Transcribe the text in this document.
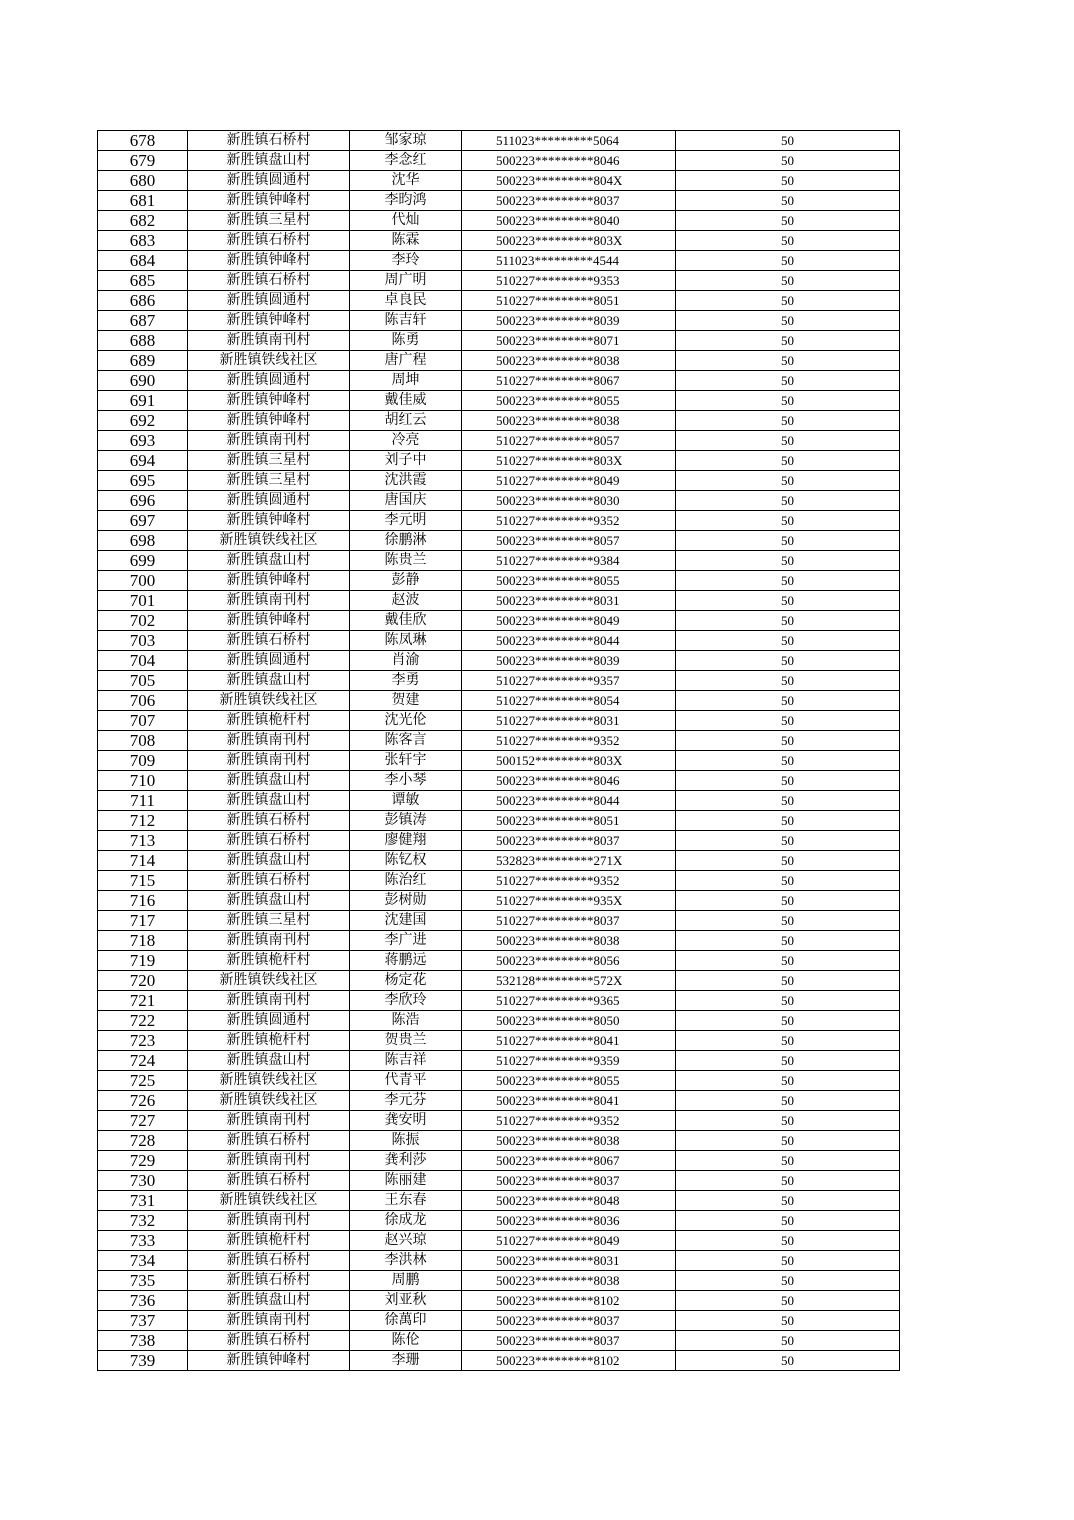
678	新胜镇石桥村	邹家琼	511023*********5064	50
679	新胜镇盘山村	李念红	500223*********8046	50
680	新胜镇圆通村	沈华	500223*********804X	50
681	新胜镇钟峰村	李昀鸿	500223*********8037	50
682	新胜镇三星村	代灿	500223*********8040	50
683	新胜镇石桥村	陈霖	500223*********803X	50
684	新胜镇钟峰村	李玲	511023*********4544	50
685	新胜镇石桥村	周广明	510227*********9353	50
686	新胜镇圆通村	卓良民	510227*********8051	50
687	新胜镇钟峰村	陈吉轩	500223*********8039	50
688	新胜镇南刊村	陈勇	500223*********8071	50
689	新胜镇铁线社区	唐广程	500223*********8038	50
690	新胜镇圆通村	周坤	510227*********8067	50
691	新胜镇钟峰村	戴佳威	500223*********8055	50
692	新胜镇钟峰村	胡红云	500223*********8038	50
693	新胜镇南刊村	冷亮	510227*********8057	50
694	新胜镇三星村	刘子中	510227*********803X	50
695	新胜镇三星村	沈洪霞	510227*********8049	50
696	新胜镇圆通村	唐国庆	500223*********8030	50
697	新胜镇钟峰村	李元明	510227*********9352	50
698	新胜镇铁线社区	徐鹏淋	500223*********8057	50
699	新胜镇盘山村	陈贵兰	510227*********9384	50
700	新胜镇钟峰村	彭静	500223*********8055	50
701	新胜镇南刊村	赵波	500223*********8031	50
702	新胜镇钟峰村	戴佳欣	500223*********8049	50
703	新胜镇石桥村	陈凤琳	500223*********8044	50
704	新胜镇圆通村	肖渝	500223*********8039	50
705	新胜镇盘山村	李勇	510227*********9357	50
706	新胜镇铁线社区	贺建	510227*********8054	50
707	新胜镇桅杆村	沈光伦	510227*********8031	50
708	新胜镇南刊村	陈客言	510227*********9352	50
709	新胜镇南刊村	张轩宇	500152*********803X	50
710	新胜镇盘山村	李小琴	500223*********8046	50
711	新胜镇盘山村	谭敏	500223*********8044	50
712	新胜镇石桥村	彭镇涛	500223*********8051	50
713	新胜镇石桥村	廖健翔	500223*********8037	50
714	新胜镇盘山村	陈钇权	532823*********271X	50
715	新胜镇石桥村	陈治红	510227*********9352	50
716	新胜镇盘山村	彭树勋	510227*********935X	50
717	新胜镇三星村	沈建国	510227*********8037	50
718	新胜镇南刊村	李广进	500223*********8038	50
719	新胜镇桅杆村	蒋鹏远	500223*********8056	50
720	新胜镇铁线社区	杨定花	532128*********572X	50
721	新胜镇南刊村	李欣玲	510227*********9365	50
722	新胜镇圆通村	陈浩	500223*********8050	50
723	新胜镇桅杆村	贺贵兰	510227*********8041	50
724	新胜镇盘山村	陈吉祥	510227*********9359	50
725	新胜镇铁线社区	代青平	500223*********8055	50
726	新胜镇铁线社区	李元芬	500223*********8041	50
727	新胜镇南刊村	龚安明	510227*********9352	50
728	新胜镇石桥村	陈振	500223*********8038	50
729	新胜镇南刊村	龚利莎	500223*********8067	50
730	新胜镇石桥村	陈丽建	500223*********8037	50
731	新胜镇铁线社区	王东春	500223*********8048	50
732	新胜镇南刊村	徐成龙	500223*********8036	50
733	新胜镇桅杆村	赵兴琼	510227*********8049	50
734	新胜镇石桥村	李洪林	500223*********8031	50
735	新胜镇石桥村	周鹏	500223*********8038	50
736	新胜镇盘山村	刘亚秋	500223*********8102	50
737	新胜镇南刊村	徐萬印	500223*********8037	50
738	新胜镇石桥村	陈伦	500223*********8037	50
739	新胜镇钟峰村	李珊	500223*********8102	50
